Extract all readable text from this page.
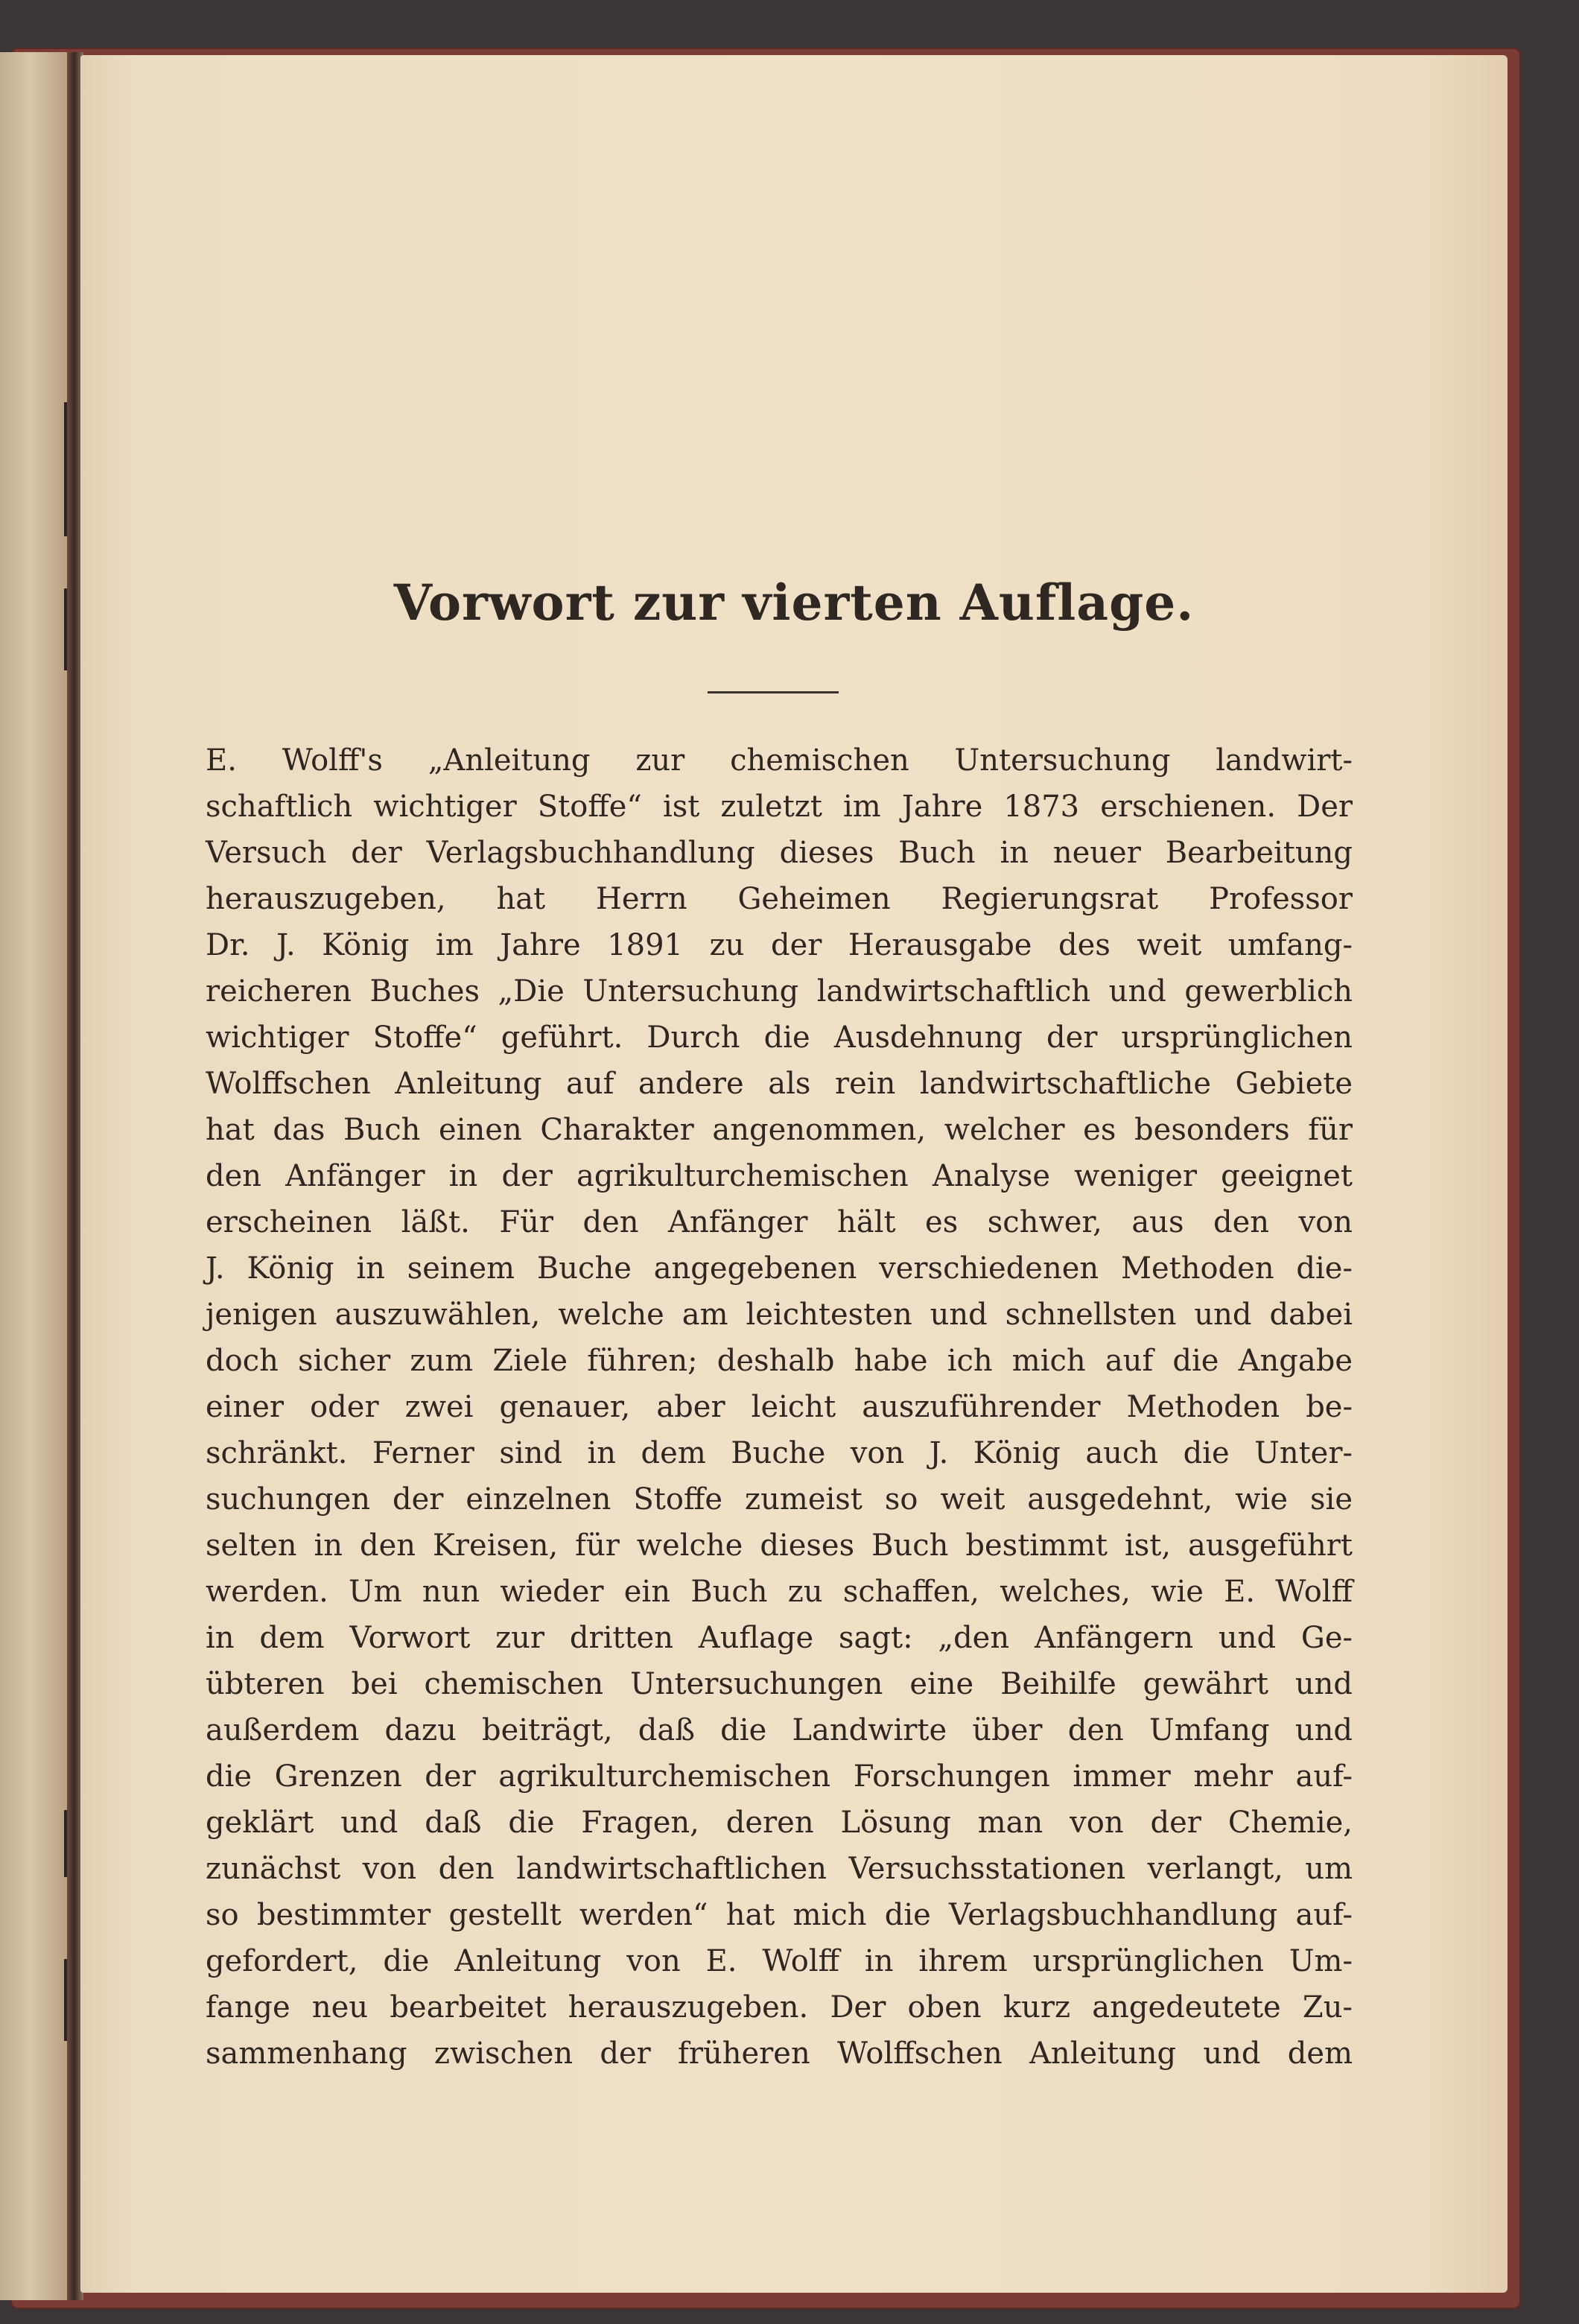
Vorwort zur vierten Auflage.
E. Wolff's „Anleitung zur chemischen Untersuchung landwirt-
schaftlich wichtiger Stoffe“ ist zuletzt im Jahre 1873 erschienen. Der
Versuch der Verlagsbuchhandlung dieses Buch in neuer Bearbeitung
herauszugeben, hat Herrn Geheimen Regierungsrat Professor
Dr. J. König im Jahre 1891 zu der Herausgabe des weit umfang-
reicheren Buches „Die Untersuchung landwirtschaftlich und gewerblich
wichtiger Stoffe“ geführt. Durch die Ausdehnung der ursprünglichen
Wolffschen Anleitung auf andere als rein landwirtschaftliche Gebiete
hat das Buch einen Charakter angenommen, welcher es besonders für
den Anfänger in der agrikulturchemischen Analyse weniger geeignet
erscheinen läßt. Für den Anfänger hält es schwer, aus den von
J. König in seinem Buche angegebenen verschiedenen Methoden die-
jenigen auszuwählen, welche am leichtesten und schnellsten und dabei
doch sicher zum Ziele führen; deshalb habe ich mich auf die Angabe
einer oder zwei genauer, aber leicht auszuführender Methoden be-
schränkt. Ferner sind in dem Buche von J. König auch die Unter-
suchungen der einzelnen Stoffe zumeist so weit ausgedehnt, wie sie
selten in den Kreisen, für welche dieses Buch bestimmt ist, ausgeführt
werden. Um nun wieder ein Buch zu schaffen, welches, wie E. Wolff
in dem Vorwort zur dritten Auflage sagt: „den Anfängern und Ge-
übteren bei chemischen Untersuchungen eine Beihilfe gewährt und
außerdem dazu beiträgt, daß die Landwirte über den Umfang und
die Grenzen der agrikulturchemischen Forschungen immer mehr auf-
geklärt und daß die Fragen, deren Lösung man von der Chemie,
zunächst von den landwirtschaftlichen Versuchsstationen verlangt, um
so bestimmter gestellt werden“ hat mich die Verlagsbuchhandlung auf-
gefordert, die Anleitung von E. Wolff in ihrem ursprünglichen Um-
fange neu bearbeitet herauszugeben. Der oben kurz angedeutete Zu-
sammenhang zwischen der früheren Wolffschen Anleitung und dem
